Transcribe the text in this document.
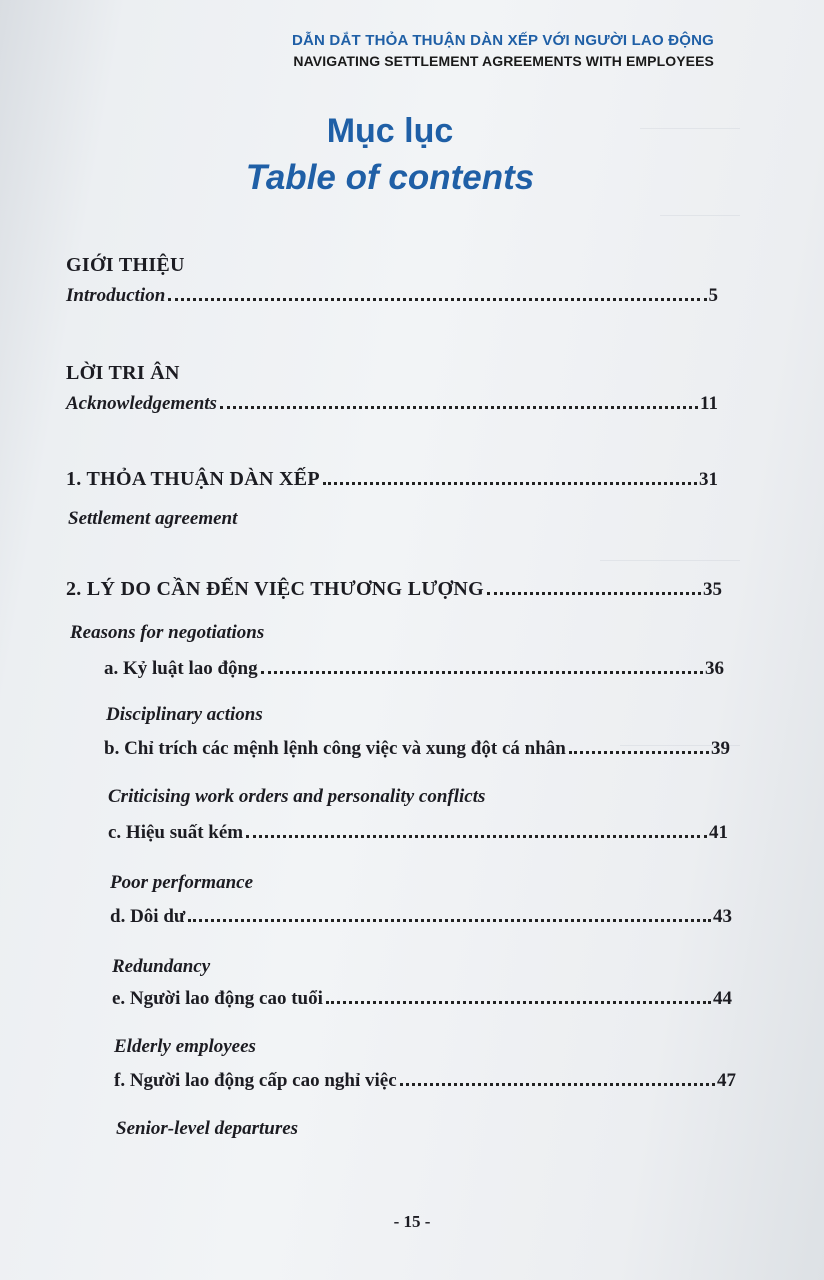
DẪN DẮT THỎA THUẬN DÀN XẾP VỚI NGƯỜI LAO ĐỘNG
NAVIGATING SETTLEMENT AGREEMENTS WITH EMPLOYEES
Mục lục
Table of contents
GIỚI THIỆU
Introduction	5
LỜI TRI ÂN
Acknowledgements	11
1. THỎA THUẬN DÀN XẾP	31
Settlement agreement
2. LÝ DO CẦN ĐẾN VIỆC THƯƠNG LƯỢNG	35
Reasons for negotiations
a. Kỷ luật lao động	36
Disciplinary actions
b. Chỉ trích các mệnh lệnh công việc và xung đột cá nhân	39
Criticising work orders and personality conflicts
c. Hiệu suất kém	41
Poor performance
d. Dôi dư	43
Redundancy
e. Người lao động cao tuổi	44
Elderly employees
f. Người lao động cấp cao nghỉ việc	47
Senior-level departures
- 15 -
